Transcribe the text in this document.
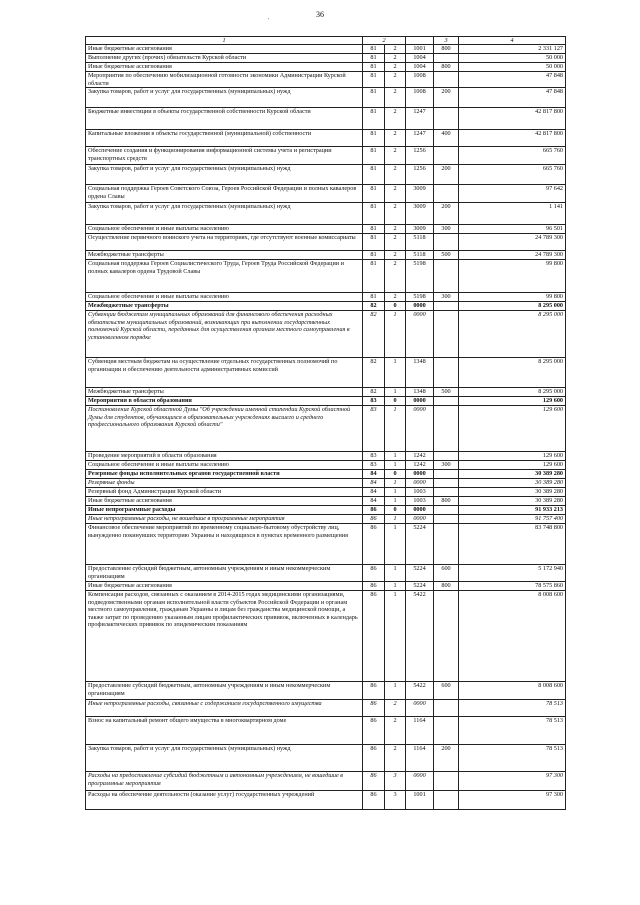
36
'
1	2			3	4
Иные бюджетные ассигнования	81	2	1001	800	2 331 127
Выполнение других (прочих) обязательств Курской области	81	2	1004		50 000
Иные бюджетные ассигнования	81	2	1004	800	50 000
Мероприятия по обеспечению мобилизационной готовности экономики Администрации Курской области	81	2	1008		47 848
Закупка товаров, работ и услуг для государственных (муниципальных) нужд	81	2	1008	200	47 848
Бюджетные инвестиции в объекты государственной собственности Курской области	81	2	1247		42 817 800
Капитальные вложения в объекты государственной (муниципальной) собственности	81	2	1247	400	42 817 800
Обеспечение создания и функционирования информационной системы учета и регистрации транспортных средств	81	2	1256		665 760
Закупка товаров, работ и услуг для государственных (муниципальных) нужд	81	2	1256	200	665 760
Социальная поддержка Героев Советского Союза, Героев Российской Федерации и полных кавалеров ордена Славы	81	2	3009		97 642
Закупка товаров, работ и услуг для государственных (муниципальных) нужд	81	2	3009	200	1 141
Социальное обеспечение и иные выплаты населению	81	2	3009	300	96 501
Осуществление первичного воинского учета на территориях, где отсутствуют военные комиссариаты	81	2	5118		24 789 300
Межбюджетные трансферты	81	2	5118	500	24 789 300
Социальная поддержка Героев Социалистического Труда, Героев Труда Российской Федерации и полных кавалеров ордена Трудовой Славы	81	2	5198		99 800
Социальное обеспечение и иные выплаты населению	81	2	5198	300	99 800
Межбюджетные трансферты	82	0	0000		8 295 000
Субвенции бюджетам муниципальных образований для финансового обеспечения расходных обязательств муниципальных образований, возникающих при выполнении государственных полномочий Курской области, переданных для осуществления органам местного самоуправления в установленном порядке	82	1	0000		8 295 000
Субвенция местным бюджетам на осуществление отдельных государственных полномочий по организации и обеспечению деятельности административных комиссий	82	1	1348		8 295 000
Межбюджетные трансферты	82	1	1348	500	8 295 000
Мероприятия в области образования	83	0	0000		129 600
Постановление Курской областной Думы "Об учреждении именной стипендии Курской областной Думы для студентов, обучающихся в образовательных учреждениях высшего и среднего профессионального образования Курской области"	83	1	0000		129 600
Проведение мероприятий в области образования	83	1	1242		129 600
Социальное обеспечение и иные выплаты населению	83	1	1242	300	129 600
Резервные фонды исполнительных органов государственной власти	84	0	0000		30 389 280
Резервные фонды	84	1	0000		30 389 280
Резервный фонд Администрации Курской области	84	1	1003		30 389 280
Иные бюджетные ассигнования	84	1	1003	800	30 389 280
Иные непрограммные расходы	86	0	0000		91 933 213
Иные непрограммные расходы, не вошедшие в программные мероприятия	86	1	0000		91 757 400
Финансовое обеспечение мероприятий по временному социально-бытовому обустройству лиц, вынужденно покинувших территорию Украины и находящихся в пунктах временного размещения	86	1	5224		83 748 800
Предоставление субсидий бюджетным, автономным учреждениям и иным некоммерческим организациям	86	1	5224	600	5 172 940
Иные бюджетные ассигнования	86	1	5224	800	78 575 860
Компенсация расходов, связанных с оказанием в 2014-2015 годах медицинскими организациями, подведомственными органам исполнительной власти субъектов Российской Федерации и органам местного самоуправления, гражданам Украины и лицам без гражданства медицинской помощи, а также затрат по проведению указанным лицам профилактических прививок, включенных в календарь профилактических прививок по эпидемическим показаниям	86	1	5422		8 008 600
Предоставление субсидий бюджетным, автономным учреждениям и иным некоммерческим организациям	86	1	5422	600	8 008 600
Иные непрограммные расходы, связанные с содержанием государственного имущества	86	2	0000		78 513
Взнос на капитальный ремонт общего имущества в многоквартирном доме	86	2	1164		78 513
Закупка товаров, работ и услуг для государственных (муниципальных) нужд	86	2	1164	200	78 513
Расходы на предоставление субсидий бюджетным и автономным учреждениям, не вошедшие в программные мероприятия	86	3	0000		97 300
Расходы на обеспечение деятельности (оказание услуг) государственных учреждений	86	3	1001		97 300
